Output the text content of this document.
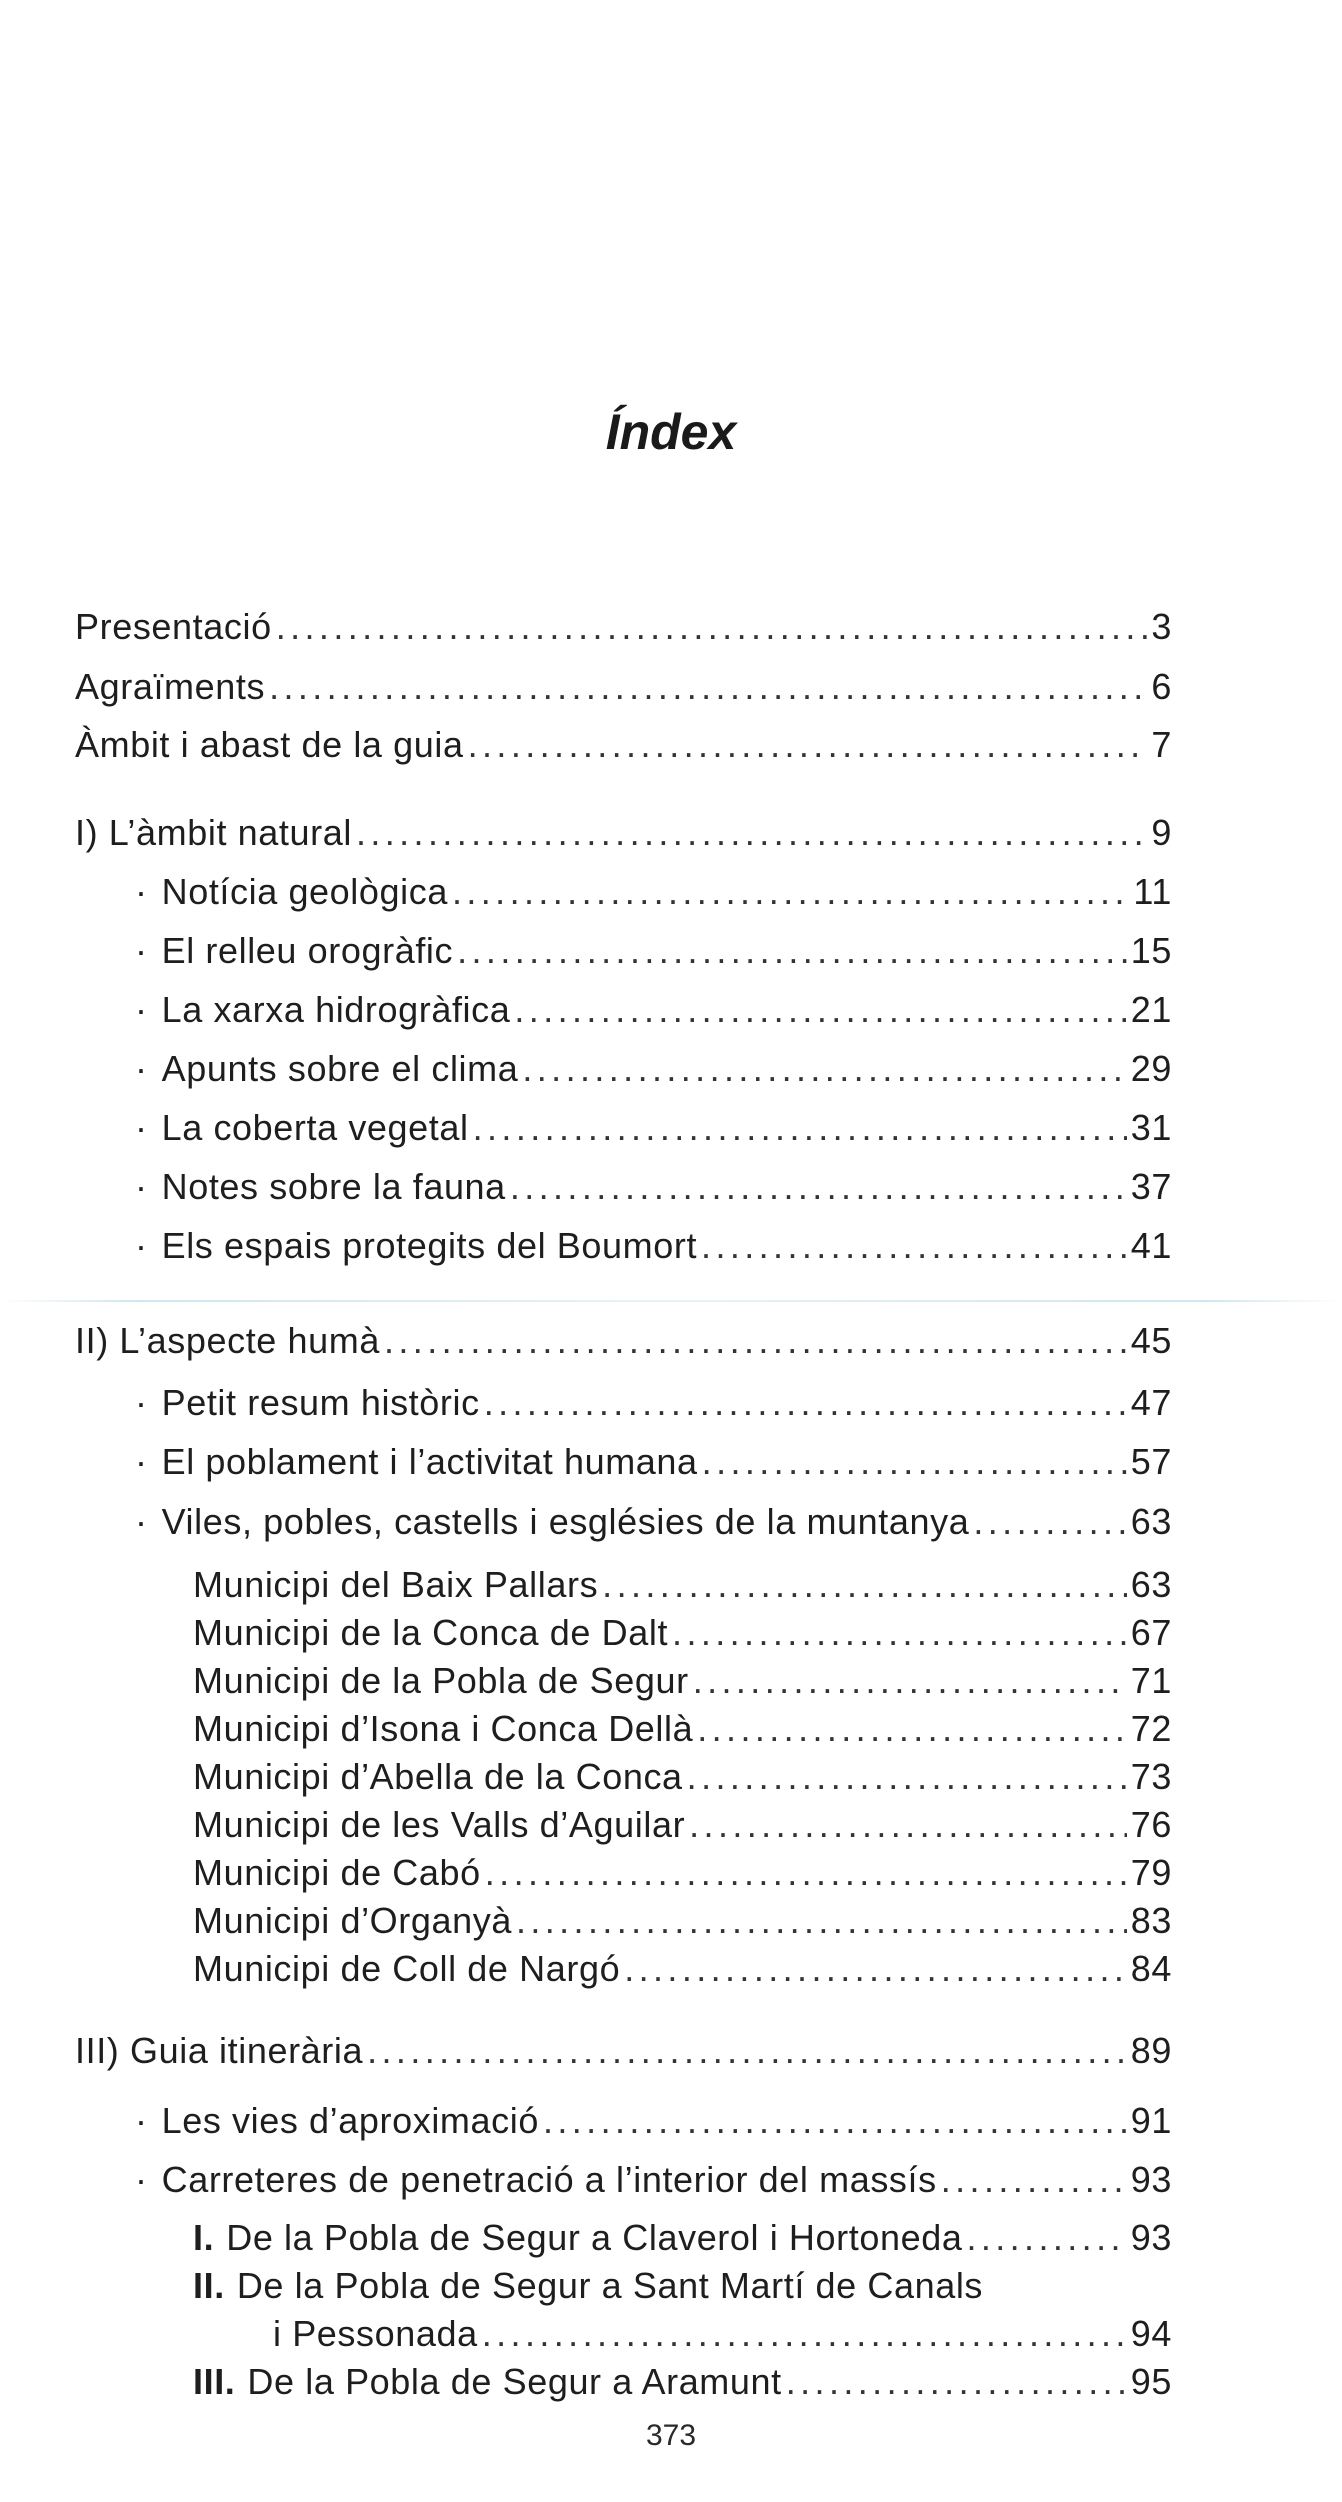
Índex
Presentació .....	3
Agraïments .....	6
Àmbit i abast de la guia .....	7
I) L’àmbit natural .....	9
· Notícia geològica .....	11
· El relleu orogràfic .....	15
· La xarxa hidrogràfica .....	21
· Apunts sobre el clima .....	29
· La coberta vegetal .....	31
· Notes sobre la fauna .....	37
· Els espais protegits del Boumort .....	41
II) L’aspecte humà .....	45
· Petit resum històric .....	47
· El poblament i l’activitat humana .....	57
· Viles, pobles, castells i esglésies de la muntanya .....	63
Municipi del Baix Pallars .....	63
Municipi de la Conca de Dalt .....	67
Municipi de la Pobla de Segur .....	71
Municipi d’Isona i Conca Dellà .....	72
Municipi d’Abella de la Conca .....	73
Municipi de les Valls d’Aguilar .....	76
Municipi de Cabó .....	79
Municipi d’Organyà .....	83
Municipi de Coll de Nargó .....	84
III) Guia itinerària .....	89
· Les vies d’aproximació .....	91
· Carreteres de penetració a l’interior del massís .....	93
I. De la Pobla de Segur a Claverol i Hortoneda .....	93
II. De la Pobla de Segur a Sant Martí de Canals
i Pessonada .....	94
III. De la Pobla de Segur a Aramunt .....	95
373
